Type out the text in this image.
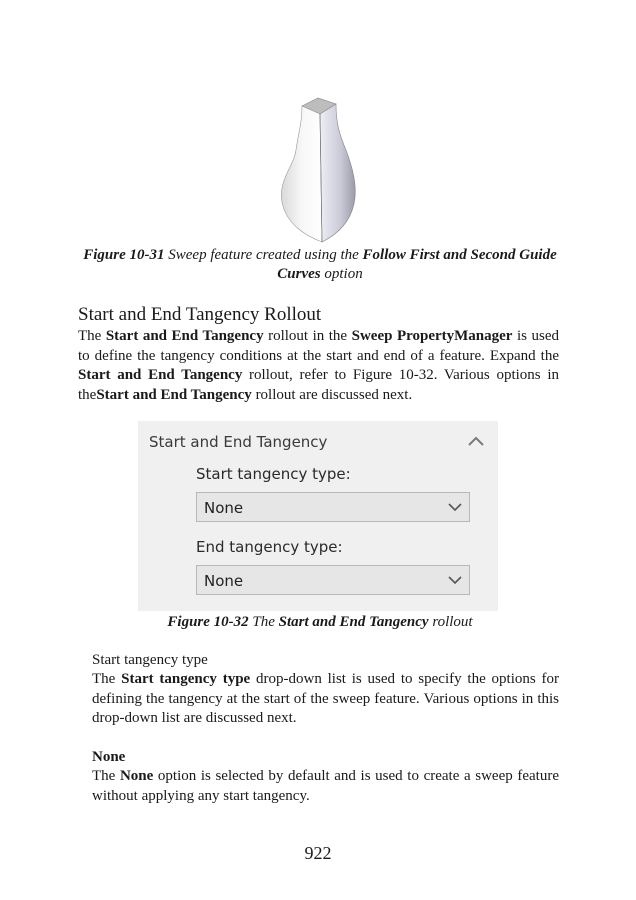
Figure 10-31 Sweep feature created using the Follow First and Second Guide Curves option
Start and End Tangency Rollout
The Start and End Tangency rollout in the Sweep PropertyManager is used to define the tangency conditions at the start and end of a feature. Expand the Start and End Tangency rollout, refer to Figure 10-32. Various options in theStart and End Tangency rollout are discussed next.
Start and End Tangency
Start tangency type:
None
End tangency type:
None
Figure 10-32 The Start and End Tangency rollout
Start tangency type
The Start tangency type drop-down list is used to specify the options for defining the tangency at the start of the sweep feature. Various options in this drop-down list are discussed next.
None
The None option is selected by default and is used to create a sweep feature without applying any start tangency.
922
